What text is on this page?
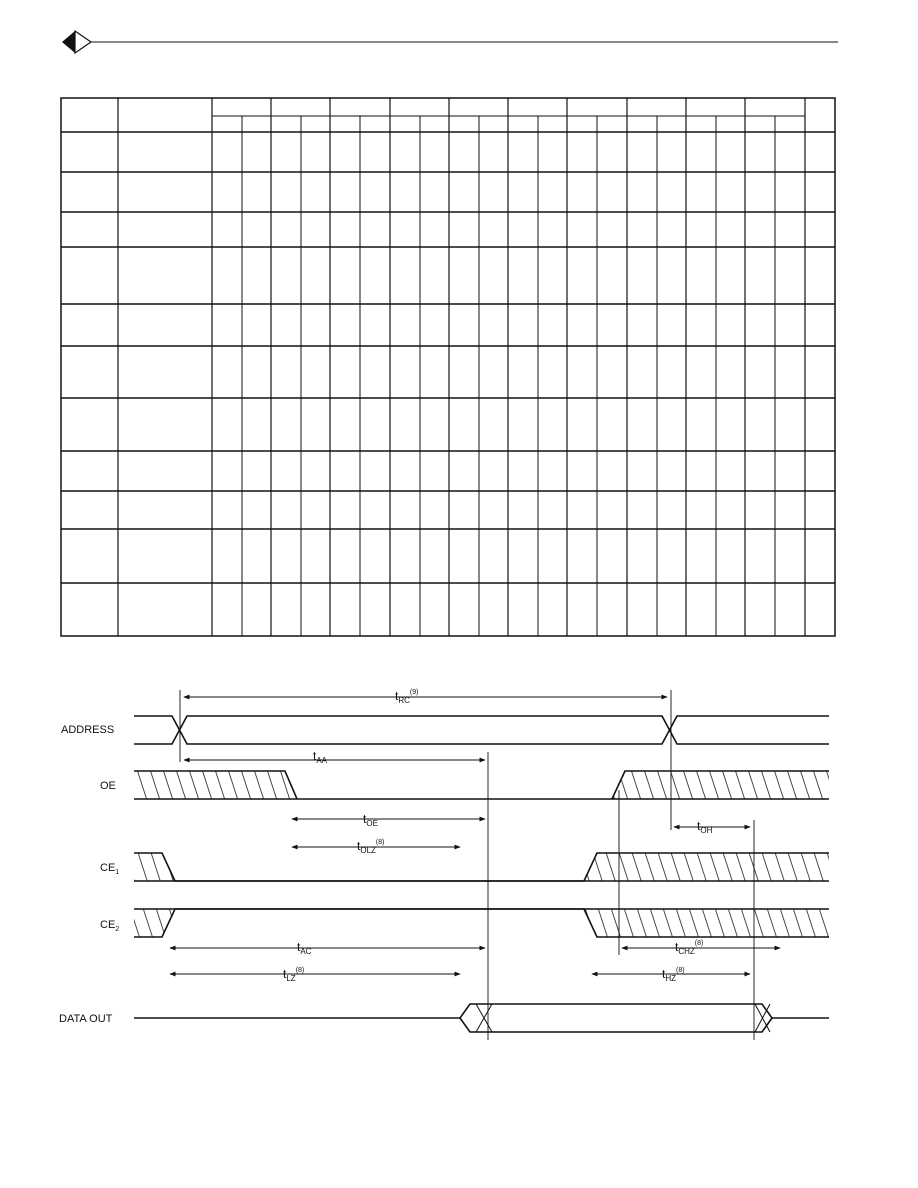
ADDRESS
OE
$CE_1$
$CE_2$
DATA OUT
$t_{RC}^{(9)}$
$t_{AA}$
$t_{OE}$	$t_{OH}$
$t_{OLZ}^{(8)}$
$t_{AC}$	$t_{CHZ}^{(8)}$
$t_{LZ}^{(8)}$	$t_{HZ}^{(8)}$
